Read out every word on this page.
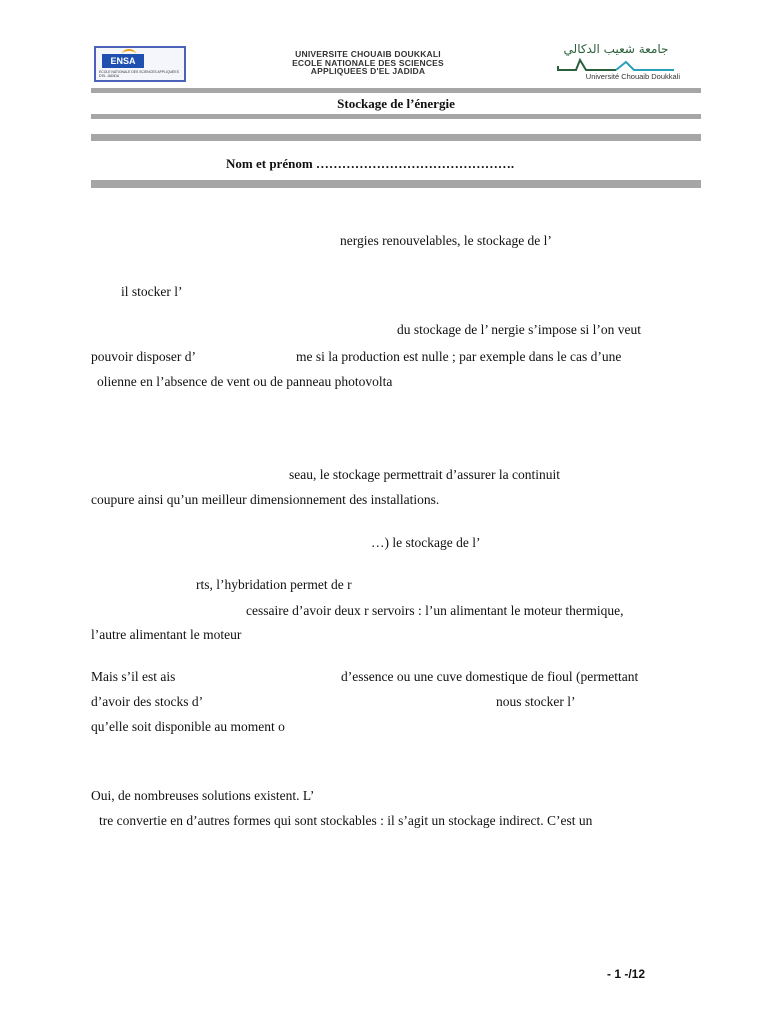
ENSA
ECOLE NATIONALE DES SCIENCES APPLIQUEES D'EL JADIDA
UNIVERSITE CHOUAIB DOUKKALI
ECOLE NATIONALE DES SCIENCES
APPLIQUEES D'EL JADIDA
جامعة شعيب الدكالي
Université Chouaib Doukkali
Stockage de l’énergie
Nom et prénom ……………………………………….
nergies renouvelables, le stockage de l’
il stocker l’
du stockage de l’ nergie s’impose si l’on veut
pouvoir disposer d’	me si la production est nulle ; par exemple dans le cas d’une
olienne en l’absence de vent ou de panneau photovolta
seau, le stockage permettrait d’assurer la continuit
coupure ainsi qu’un meilleur dimensionnement des installations.
…) le stockage de l’
rts, l’hybridation permet de r
cessaire d’avoir deux r servoirs : l’un alimentant le moteur thermique,
l’autre alimentant le moteur
Mais s’il est ais	d’essence ou une cuve domestique de fioul (permettant
d’avoir des stocks d’	nous stocker l’
qu’elle soit disponible au moment o
Oui, de nombreuses solutions existent. L’
tre convertie en d’autres formes qui sont stockables : il s’agit un stockage indirect. C’est un
- 1 -/12
